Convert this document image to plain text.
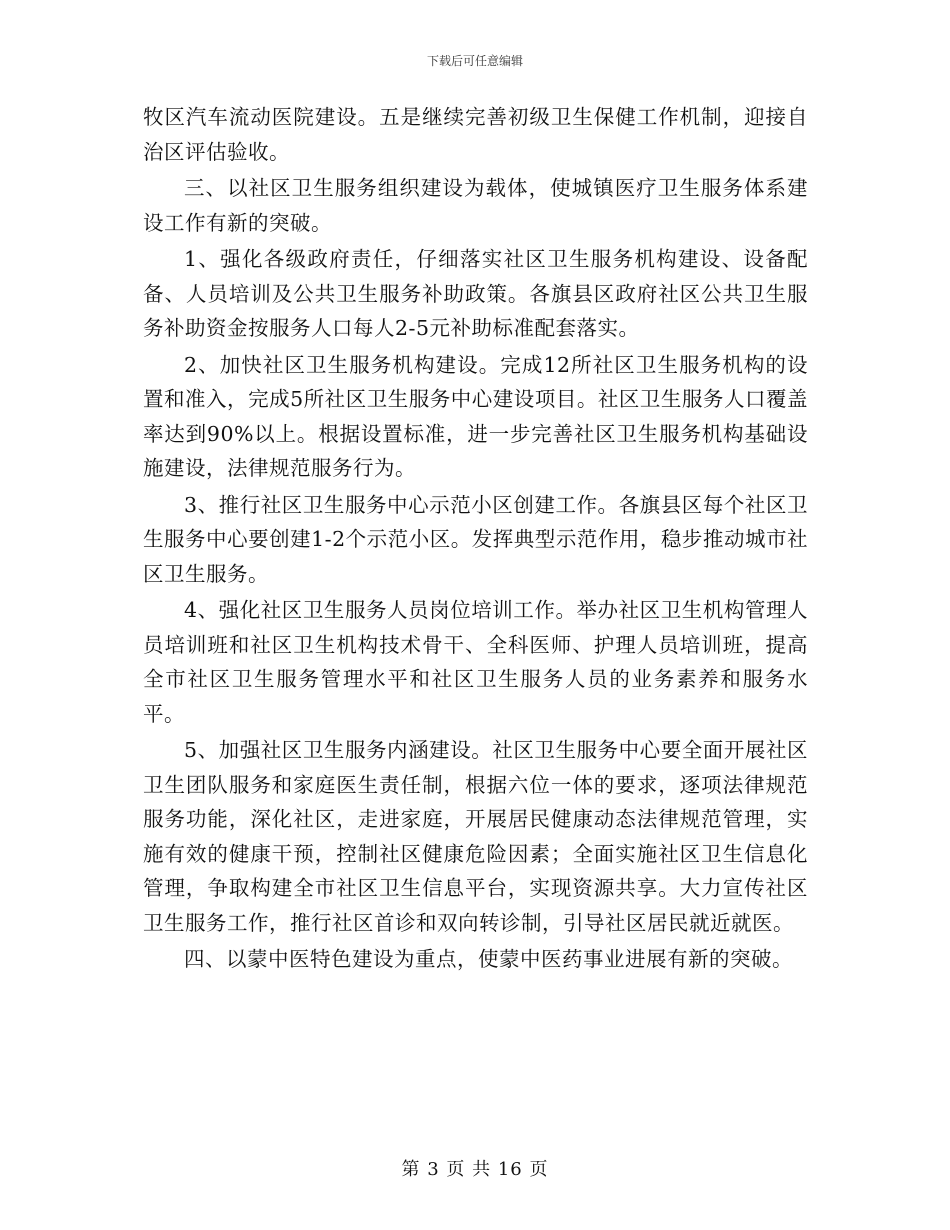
下载后可任意编辑

牧区汽车流动医院建设。五是继续完善初级卫生保健工作机制，迎接自治区评估验收。

三、以社区卫生服务组织建设为载体，使城镇医疗卫生服务体系建设工作有新的突破。

1、强化各级政府责任，仔细落实社区卫生服务机构建设、设备配备、人员培训及公共卫生服务补助政策。各旗县区政府社区公共卫生服务补助资金按服务人口每人2-5元补助标准配套落实。

2、加快社区卫生服务机构建设。完成12所社区卫生服务机构的设置和准入，完成5所社区卫生服务中心建设项目。社区卫生服务人口覆盖率达到90%以上。根据设置标准，进一步完善社区卫生服务机构基础设施建设，法律规范服务行为。

3、推行社区卫生服务中心示范小区创建工作。各旗县区每个社区卫生服务中心要创建1-2个示范小区。发挥典型示范作用，稳步推动城市社区卫生服务。

4、强化社区卫生服务人员岗位培训工作。举办社区卫生机构管理人员培训班和社区卫生机构技术骨干、全科医师、护理人员培训班，提高全市社区卫生服务管理水平和社区卫生服务人员的业务素养和服务水平。

5、加强社区卫生服务内涵建设。社区卫生服务中心要全面开展社区卫生团队服务和家庭医生责任制，根据六位一体的要求，逐项法律规范服务功能，深化社区，走进家庭，开展居民健康动态法律规范管理，实施有效的健康干预，控制社区健康危险因素；全面实施社区卫生信息化管理，争取构建全市社区卫生信息平台，实现资源共享。大力宣传社区卫生服务工作，推行社区首诊和双向转诊制，引导社区居民就近就医。

四、以蒙中医特色建设为重点，使蒙中医药事业进展有新的突破。

第 3 页 共 16 页
